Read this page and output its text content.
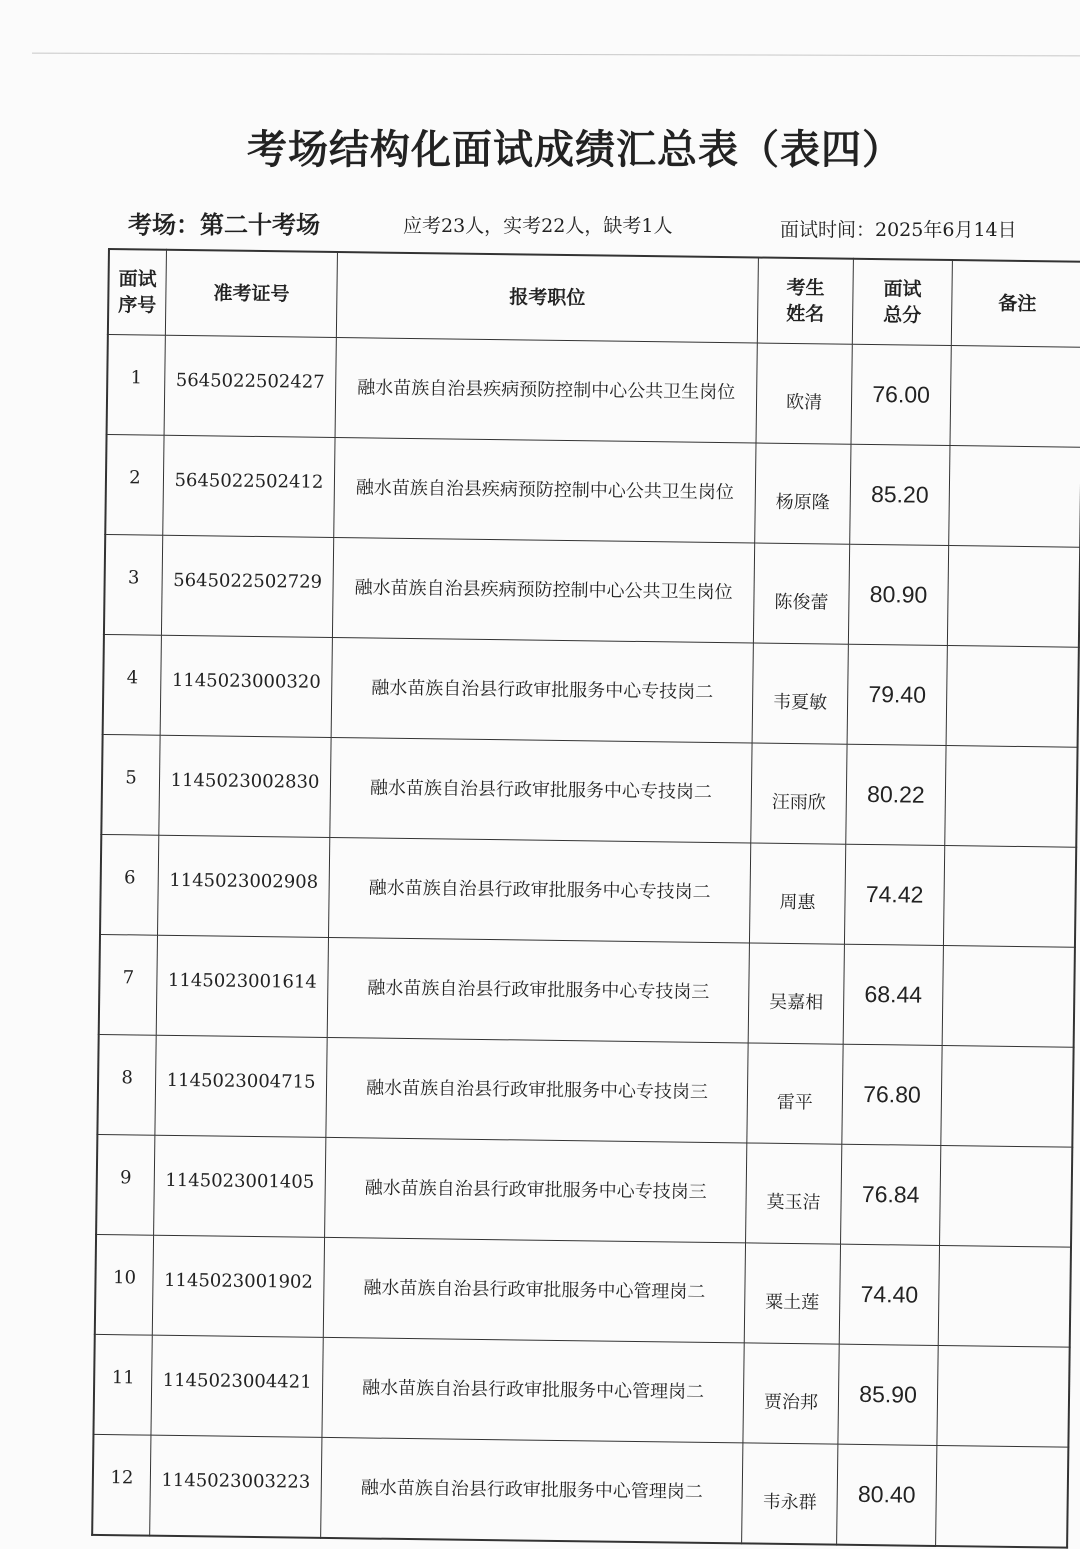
考场结构化面试成绩汇总表（表四）
考场：第二十考场	应考23人，实考22人，缺考1人	面试时间：2025年6月14日
面试序号	准考证号	报考职位	考生姓名	面试总分	备注
1	5645022502427	融水苗族自治县疾病预防控制中心公共卫生岗位	欧清	76.00	
2	5645022502412	融水苗族自治县疾病预防控制中心公共卫生岗位	杨原隆	85.20	
3	5645022502729	融水苗族自治县疾病预防控制中心公共卫生岗位	陈俊蕾	80.90	
4	1145023000320	融水苗族自治县行政审批服务中心专技岗二	韦夏敏	79.40	
5	1145023002830	融水苗族自治县行政审批服务中心专技岗二	汪雨欣	80.22	
6	1145023002908	融水苗族自治县行政审批服务中心专技岗二	周惠	74.42	
7	1145023001614	融水苗族自治县行政审批服务中心专技岗三	吴嘉相	68.44	
8	1145023004715	融水苗族自治县行政审批服务中心专技岗三	雷平	76.80	
9	1145023001405	融水苗族自治县行政审批服务中心专技岗三	莫玉洁	76.84	
10	1145023001902	融水苗族自治县行政审批服务中心管理岗二	粟土莲	74.40	
11	1145023004421	融水苗族自治县行政审批服务中心管理岗二	贾治邦	85.90	
12	1145023003223	融水苗族自治县行政审批服务中心管理岗二	韦永群	80.40	
